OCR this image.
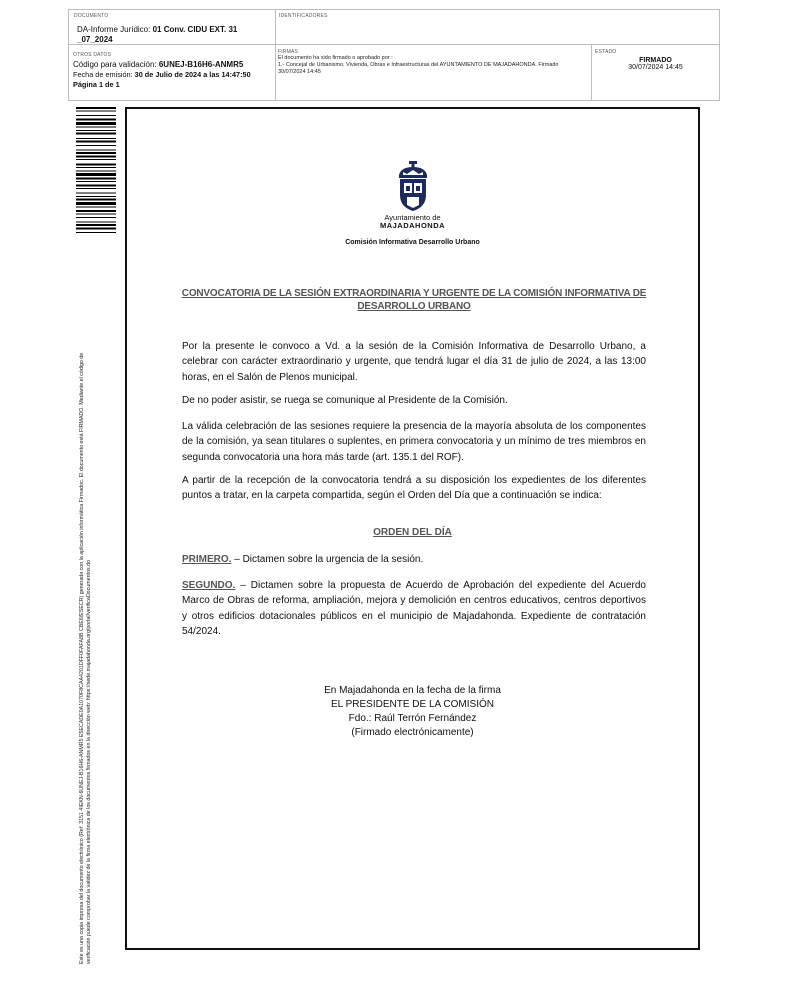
DOCUMENTO
DA-Informe Jurídico: 01 Conv. CIDU EXT. 31
_07_2024
IDENTIFICADORES
OTROS DATOS
Código para validación: 6UNEJ-B16H6-ANMR5
Fecha de emisión: 30 de Julio de 2024 a las 14:47:50
Página 1 de 1
FIRMAS
El documento ha sido firmado o aprobado por :
1.- Concejal de Urbanismo, Vivienda, Obras e Infraestructuras del AYUNTAMIENTO DE MAJADAHONDA. Firmado
30/07/2024 14:45
ESTADO
FIRMADO
30/07/2024 14:45
Este es una copia impresa del documento electrónico (Ref: 3151 4IEKN-6UNEJ-B16H6-ANMR5 E5ECADE0A1070F8CAA4201DFF0FAFA8B CBE6/ESECR) generada con la aplicación informática Firmadoc. El documento está FIRMADO. Mediante el código de verificación puede comprobar la validez de la firma electrónica de los documentos firmados en la dirección web: https://sede.majadahonda.org/portal/verificaDocumentos.do
Ayuntamiento de
MAJADAHONDA
Comisión Informativa Desarrollo Urbano
CONVOCATORIA DE LA SESIÓN EXTRAORDINARIA Y URGENTE DE LA COMISIÓN INFORMATIVA DE DESARROLLO URBANO
Por la presente le convoco a Vd. a la sesión de la Comisión Informativa de Desarrollo Urbano, a celebrar con carácter extraordinario y urgente, que tendrá lugar el día 31 de julio de 2024, a las 13:00 horas, en el Salón de Plenos municipal.
De no poder asistir, se ruega se comunique al Presidente de la Comisión.
La válida celebración de las sesiones requiere la presencia de la mayoría absoluta de los componentes de la comisión, ya sean titulares o suplentes, en primera convocatoria y un mínimo de tres miembros en segunda convocatoria una hora más tarde (art. 135.1 del ROF).
A partir de la recepción de la convocatoria tendrá a su disposición los expedientes de los diferentes puntos a tratar, en la carpeta compartida, según el Orden del Día que a continuación se indica:
ORDEN DEL DÍA
PRIMERO. – Dictamen sobre la urgencia de la sesión.
SEGUNDO. – Dictamen sobre la propuesta de Acuerdo de Aprobación del expediente del Acuerdo Marco de Obras de reforma, ampliación, mejora y demolición en centros educativos, centros deportivos y otros edificios dotacionales públicos en el municipio de Majadahonda. Expediente de contratación 54/2024.
En Majadahonda en la fecha de la firma
EL PRESIDENTE DE LA COMISIÓN
Fdo.: Raúl Terrón Fernández
(Firmado electrónicamente)
